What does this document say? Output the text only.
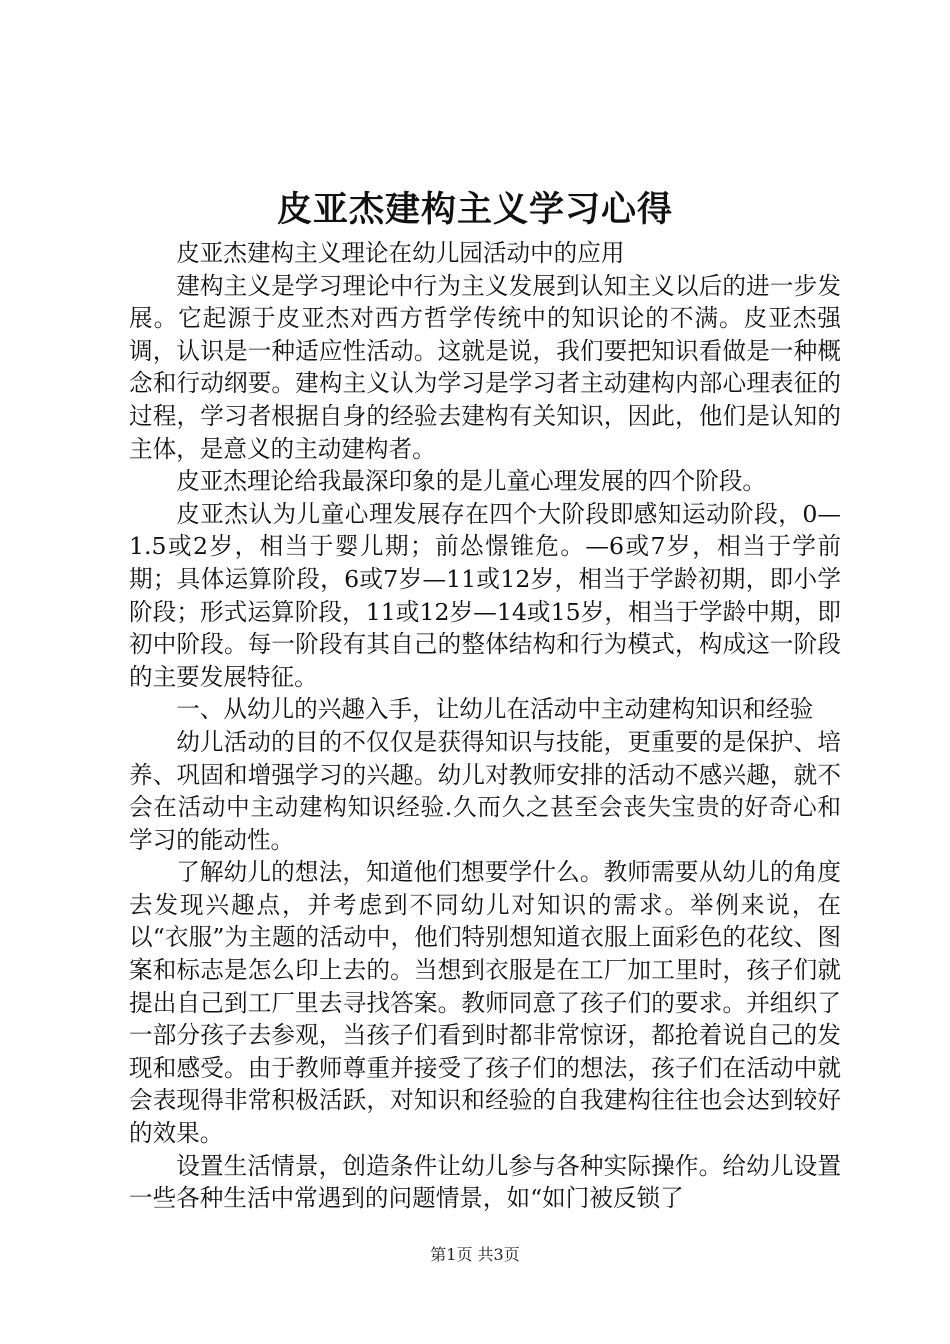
皮亚杰建构主义学习心得

皮亚杰建构主义理论在幼儿园活动中的应用

建构主义是学习理论中行为主义发展到认知主义以后的进一步发展。它起源于皮亚杰对西方哲学传统中的知识论的不满。皮亚杰强调，认识是一种适应性活动。这就是说，我们要把知识看做是一种概念和行动纲要。建构主义认为学习是学习者主动建构内部心理表征的过程，学习者根据自身的经验去建构有关知识，因此，他们是认知的主体，是意义的主动建构者。

皮亚杰理论给我最深印象的是儿童心理发展的四个阶段。

皮亚杰认为儿童心理发展存在四个大阶段即感知运动阶段，0—1.5或2岁，相当于婴儿期；前怂憬锥危。—6或7岁，相当于学前期；具体运算阶段，6或7岁—11或12岁，相当于学龄初期，即小学阶段；形式运算阶段，11或12岁—14或15岁，相当于学龄中期，即初中阶段。每一阶段有其自己的整体结构和行为模式，构成这一阶段的主要发展特征。

一、从幼儿的兴趣入手，让幼儿在活动中主动建构知识和经验

幼儿活动的目的不仅仅是获得知识与技能，更重要的是保护、培养、巩固和增强学习的兴趣。幼儿对教师安排的活动不感兴趣，就不会在活动中主动建构知识经验.久而久之甚至会丧失宝贵的好奇心和学习的能动性。

了解幼儿的想法，知道他们想要学什么。教师需要从幼儿的角度去发现兴趣点，并考虑到不同幼儿对知识的需求。举例来说，在以“衣服”为主题的活动中，他们特别想知道衣服上面彩色的花纹、图案和标志是怎么印上去的。当想到衣服是在工厂加工里时，孩子们就提出自己到工厂里去寻找答案。教师同意了孩子们的要求。并组织了一部分孩子去参观，当孩子们看到时都非常惊讶，都抢着说自己的发现和感受。由于教师尊重并接受了孩子们的想法，孩子们在活动中就会表现得非常积极活跃，对知识和经验的自我建构往往也会达到较好的效果。

设置生活情景，创造条件让幼儿参与各种实际操作。给幼儿设置一些各种生活中常遇到的问题情景，如“如门被反锁了

第1页 共3页
